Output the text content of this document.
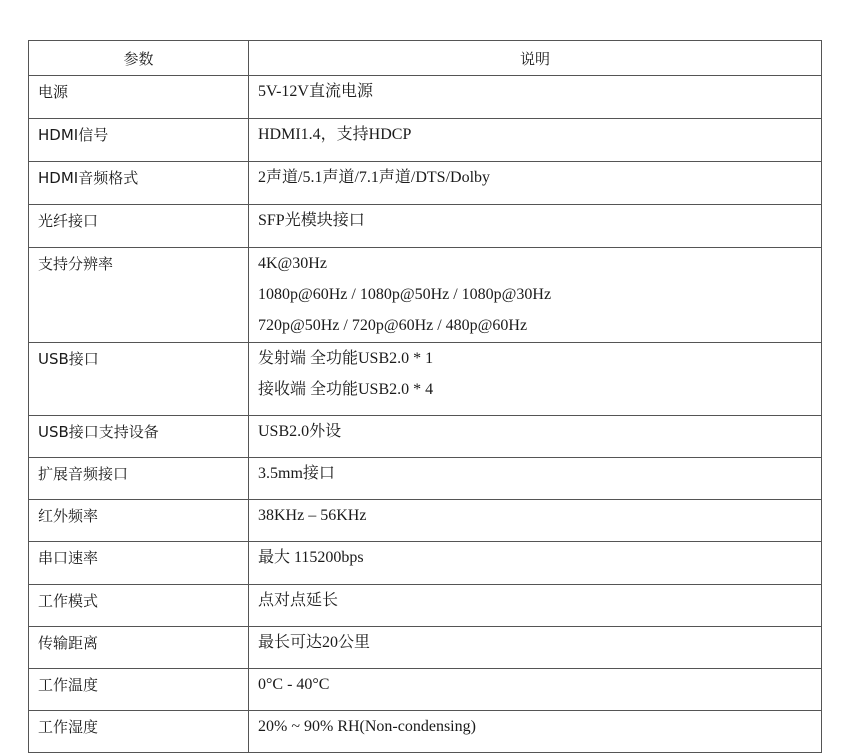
参数	说明
电源	5V-12V直流电源

HDMI信号	HDMI1.4，支持HDCP

HDMI音频格式	2声道/5.1声道/7.1声道/DTS/Dolby

光纤接口	SFP光模块接口

支持分辨率	4K@30Hz
1080p@60Hz / 1080p@50Hz / 1080p@30Hz
720p@50Hz / 720p@60Hz / 480p@60Hz

USB接口	发射端 全功能USB2.0 * 1
接收端 全功能USB2.0 * 4

USB接口支持设备	USB2.0外设

扩展音频接口	3.5mm接口

红外频率	38KHz – 56KHz

串口速率	最大 115200bps

工作模式	点对点延长

传输距离	最长可达20公里

工作温度	0°C - 40°C

工作湿度	20% ~ 90% RH(Non-condensing)
